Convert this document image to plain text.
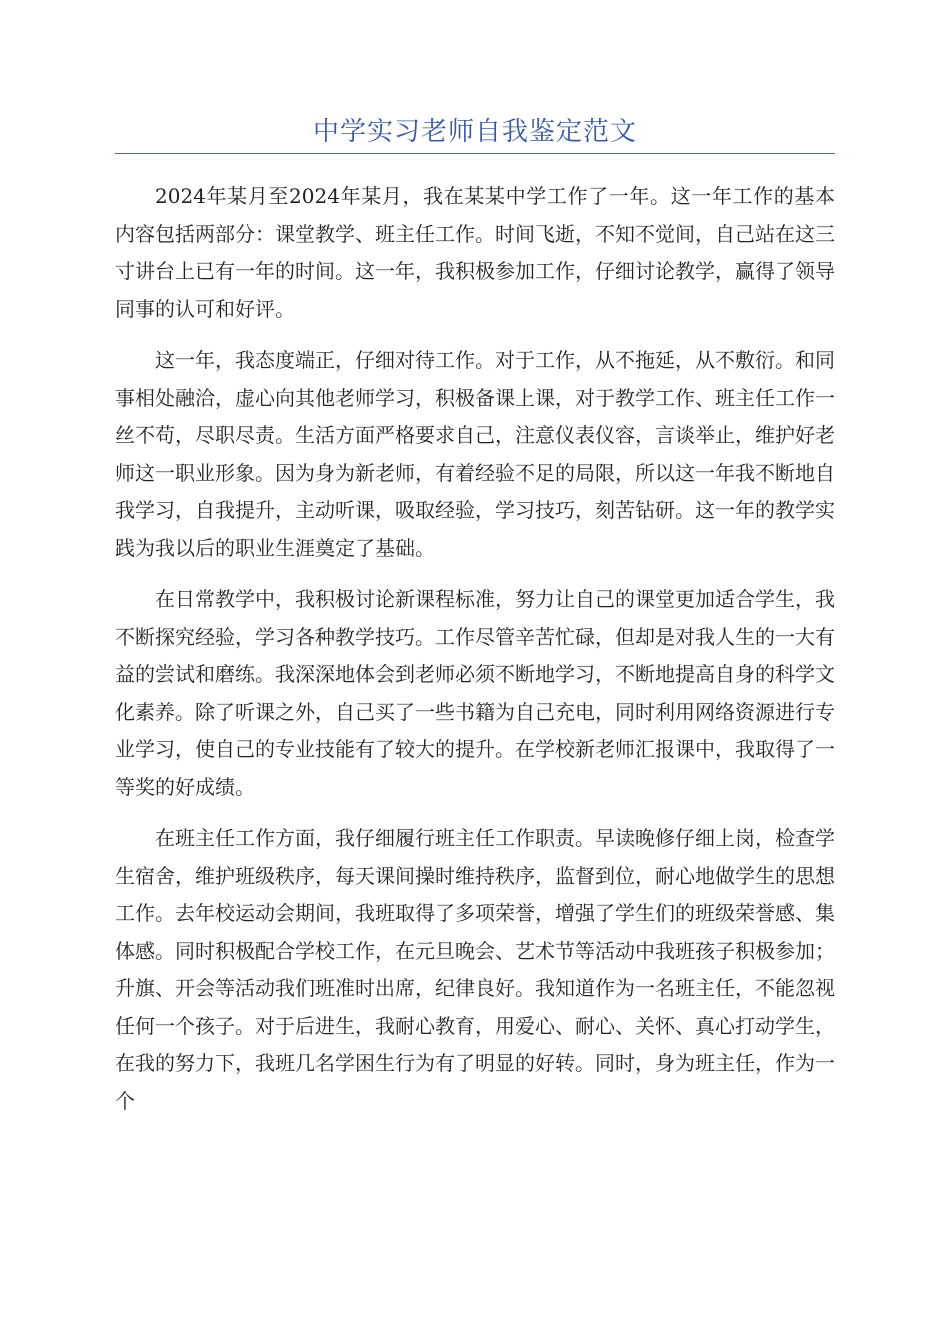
中学实习老师自我鉴定范文

2024年某月至2024年某月，我在某某中学工作了一年。这一年工作的基本内容包括两部分：课堂教学、班主任工作。时间飞逝，不知不觉间，自己站在这三寸讲台上已有一年的时间。这一年，我积极参加工作，仔细讨论教学，赢得了领导同事的认可和好评。

这一年，我态度端正，仔细对待工作。对于工作，从不拖延，从不敷衍。和同事相处融洽，虚心向其他老师学习，积极备课上课，对于教学工作、班主任工作一丝不苟，尽职尽责。生活方面严格要求自己，注意仪表仪容，言谈举止，维护好老师这一职业形象。因为身为新老师，有着经验不足的局限，所以这一年我不断地自我学习，自我提升，主动听课，吸取经验，学习技巧，刻苦钻研。这一年的教学实践为我以后的职业生涯奠定了基础。

在日常教学中，我积极讨论新课程标准，努力让自己的课堂更加适合学生，我不断探究经验，学习各种教学技巧。工作尽管辛苦忙碌，但却是对我人生的一大有益的尝试和磨练。我深深地体会到老师必须不断地学习，不断地提高自身的科学文化素养。除了听课之外，自己买了一些书籍为自己充电，同时利用网络资源进行专业学习，使自己的专业技能有了较大的提升。在学校新老师汇报课中，我取得了一等奖的好成绩。

在班主任工作方面，我仔细履行班主任工作职责。早读晚修仔细上岗，检查学生宿舍，维护班级秩序，每天课间操时维持秩序，监督到位，耐心地做学生的思想工作。去年校运动会期间，我班取得了多项荣誉，增强了学生们的班级荣誉感、集体感。同时积极配合学校工作，在元旦晚会、艺术节等活动中我班孩子积极参加；升旗、开会等活动我们班准时出席，纪律良好。我知道作为一名班主任，不能忽视任何一个孩子。对于后进生，我耐心教育，用爱心、耐心、关怀、真心打动学生，在我的努力下，我班几名学困生行为有了明显的好转。同时，身为班主任，作为一个
